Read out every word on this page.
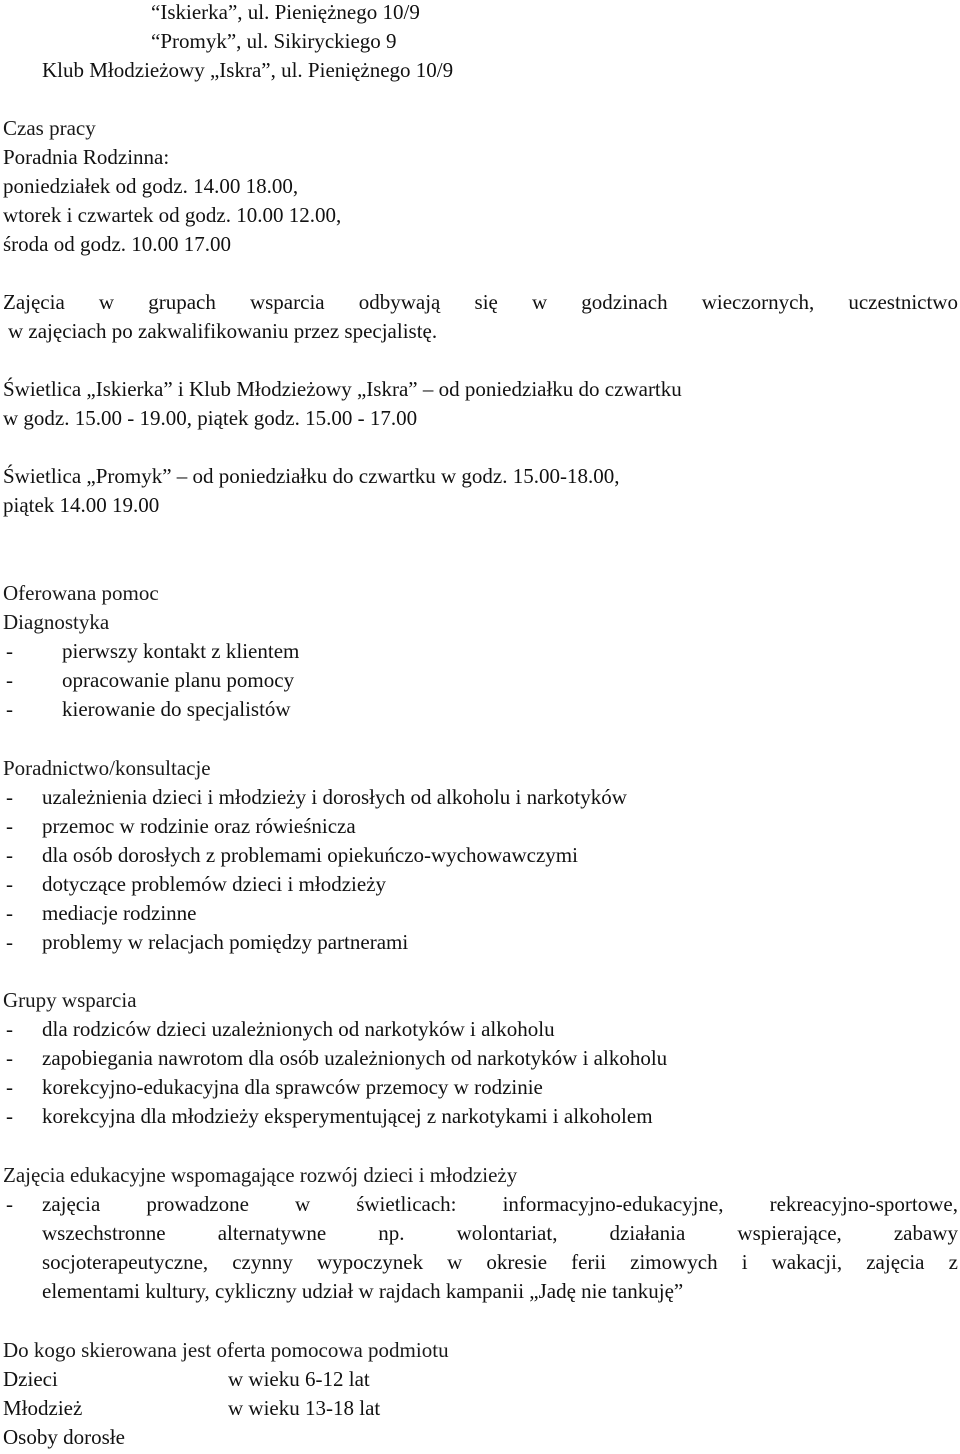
“Iskierka”, ul. Pieniężnego 10/9
“Promyk”, ul. Sikiryckiego 9
Klub Młodzieżowy „Iskra”, ul. Pieniężnego 10/9
Czas pracy
Poradnia Rodzinna:
poniedziałek od godz. 14.00 18.00,
wtorek i czwartek od godz. 10.00 12.00,
środa od godz. 10.00 17.00
Zajęcia w grupach wsparcia odbywają się w godzinach wieczornych, uczestnictwo
w zajęciach po zakwalifikowaniu przez specjalistę.
Świetlica „Iskierka” i Klub Młodzieżowy „Iskra” – od poniedziałku do czwartku
w godz. 15.00 - 19.00, piątek godz. 15.00 - 17.00
Świetlica „Promyk” – od poniedziałku do czwartku w godz. 15.00-18.00,
piątek 14.00 19.00
Oferowana pomoc
Diagnostyka
- pierwszy kontakt z klientem
- opracowanie planu pomocy
- kierowanie do specjalistów
Poradnictwo/konsultacje
- uzależnienia dzieci i młodzieży i dorosłych od alkoholu i narkotyków
- przemoc w rodzinie oraz rówieśnicza
- dla osób dorosłych z problemami opiekuńczo-wychowawczymi
- dotyczące problemów dzieci i młodzieży
- mediacje rodzinne
- problemy w relacjach pomiędzy partnerami
Grupy wsparcia
- dla rodziców dzieci uzależnionych od narkotyków i alkoholu
- zapobiegania nawrotom dla osób uzależnionych od narkotyków i alkoholu
- korekcyjno-edukacyjna dla sprawców przemocy w rodzinie
- korekcyjna dla młodzieży eksperymentującej z narkotykami i alkoholem
Zajęcia edukacyjne wspomagające rozwój dzieci i młodzieży
- zajęcia prowadzone w świetlicach: informacyjno-edukacyjne, rekreacyjno-sportowe,
wszechstronne alternatywne np. wolontariat, działania wspierające, zabawy
socjoterapeutyczne, czynny wypoczynek w okresie ferii zimowych i wakacji, zajęcia z
elementami kultury, cykliczny udział w rajdach kampanii „Jadę nie tankuję”
Do kogo skierowana jest oferta pomocowa podmiotu
Dzieci	w wieku 6-12 lat
Młodzież	w wieku 13-18 lat
Osoby dorosłe
